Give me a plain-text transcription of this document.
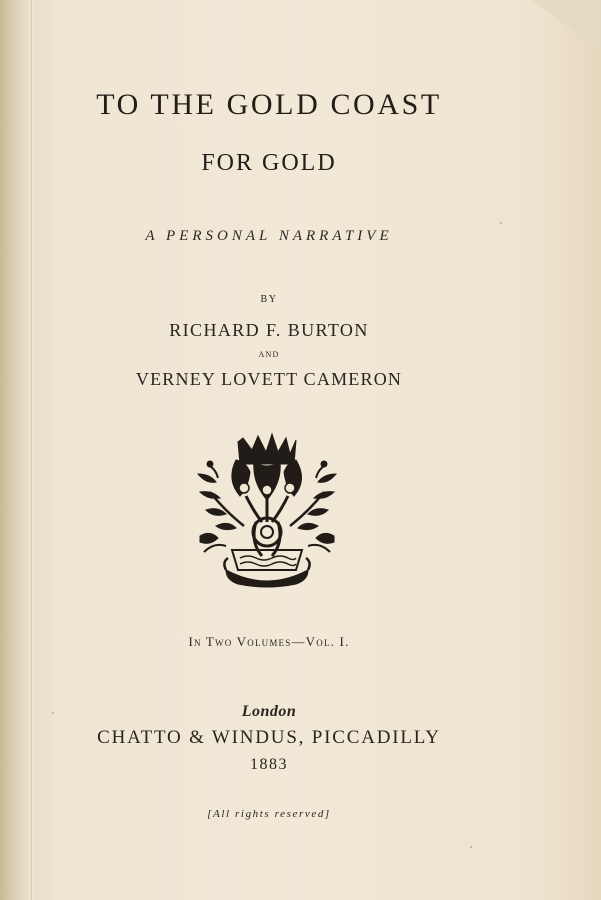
TO THE GOLD COAST
FOR GOLD
A PERSONAL NARRATIVE
BY
RICHARD F. BURTON
AND
VERNEY LOVETT CAMERON
In Two Volumes—Vol. I.
London
CHATTO & WINDUS, PICCADILLY
1883
[All rights reserved]
